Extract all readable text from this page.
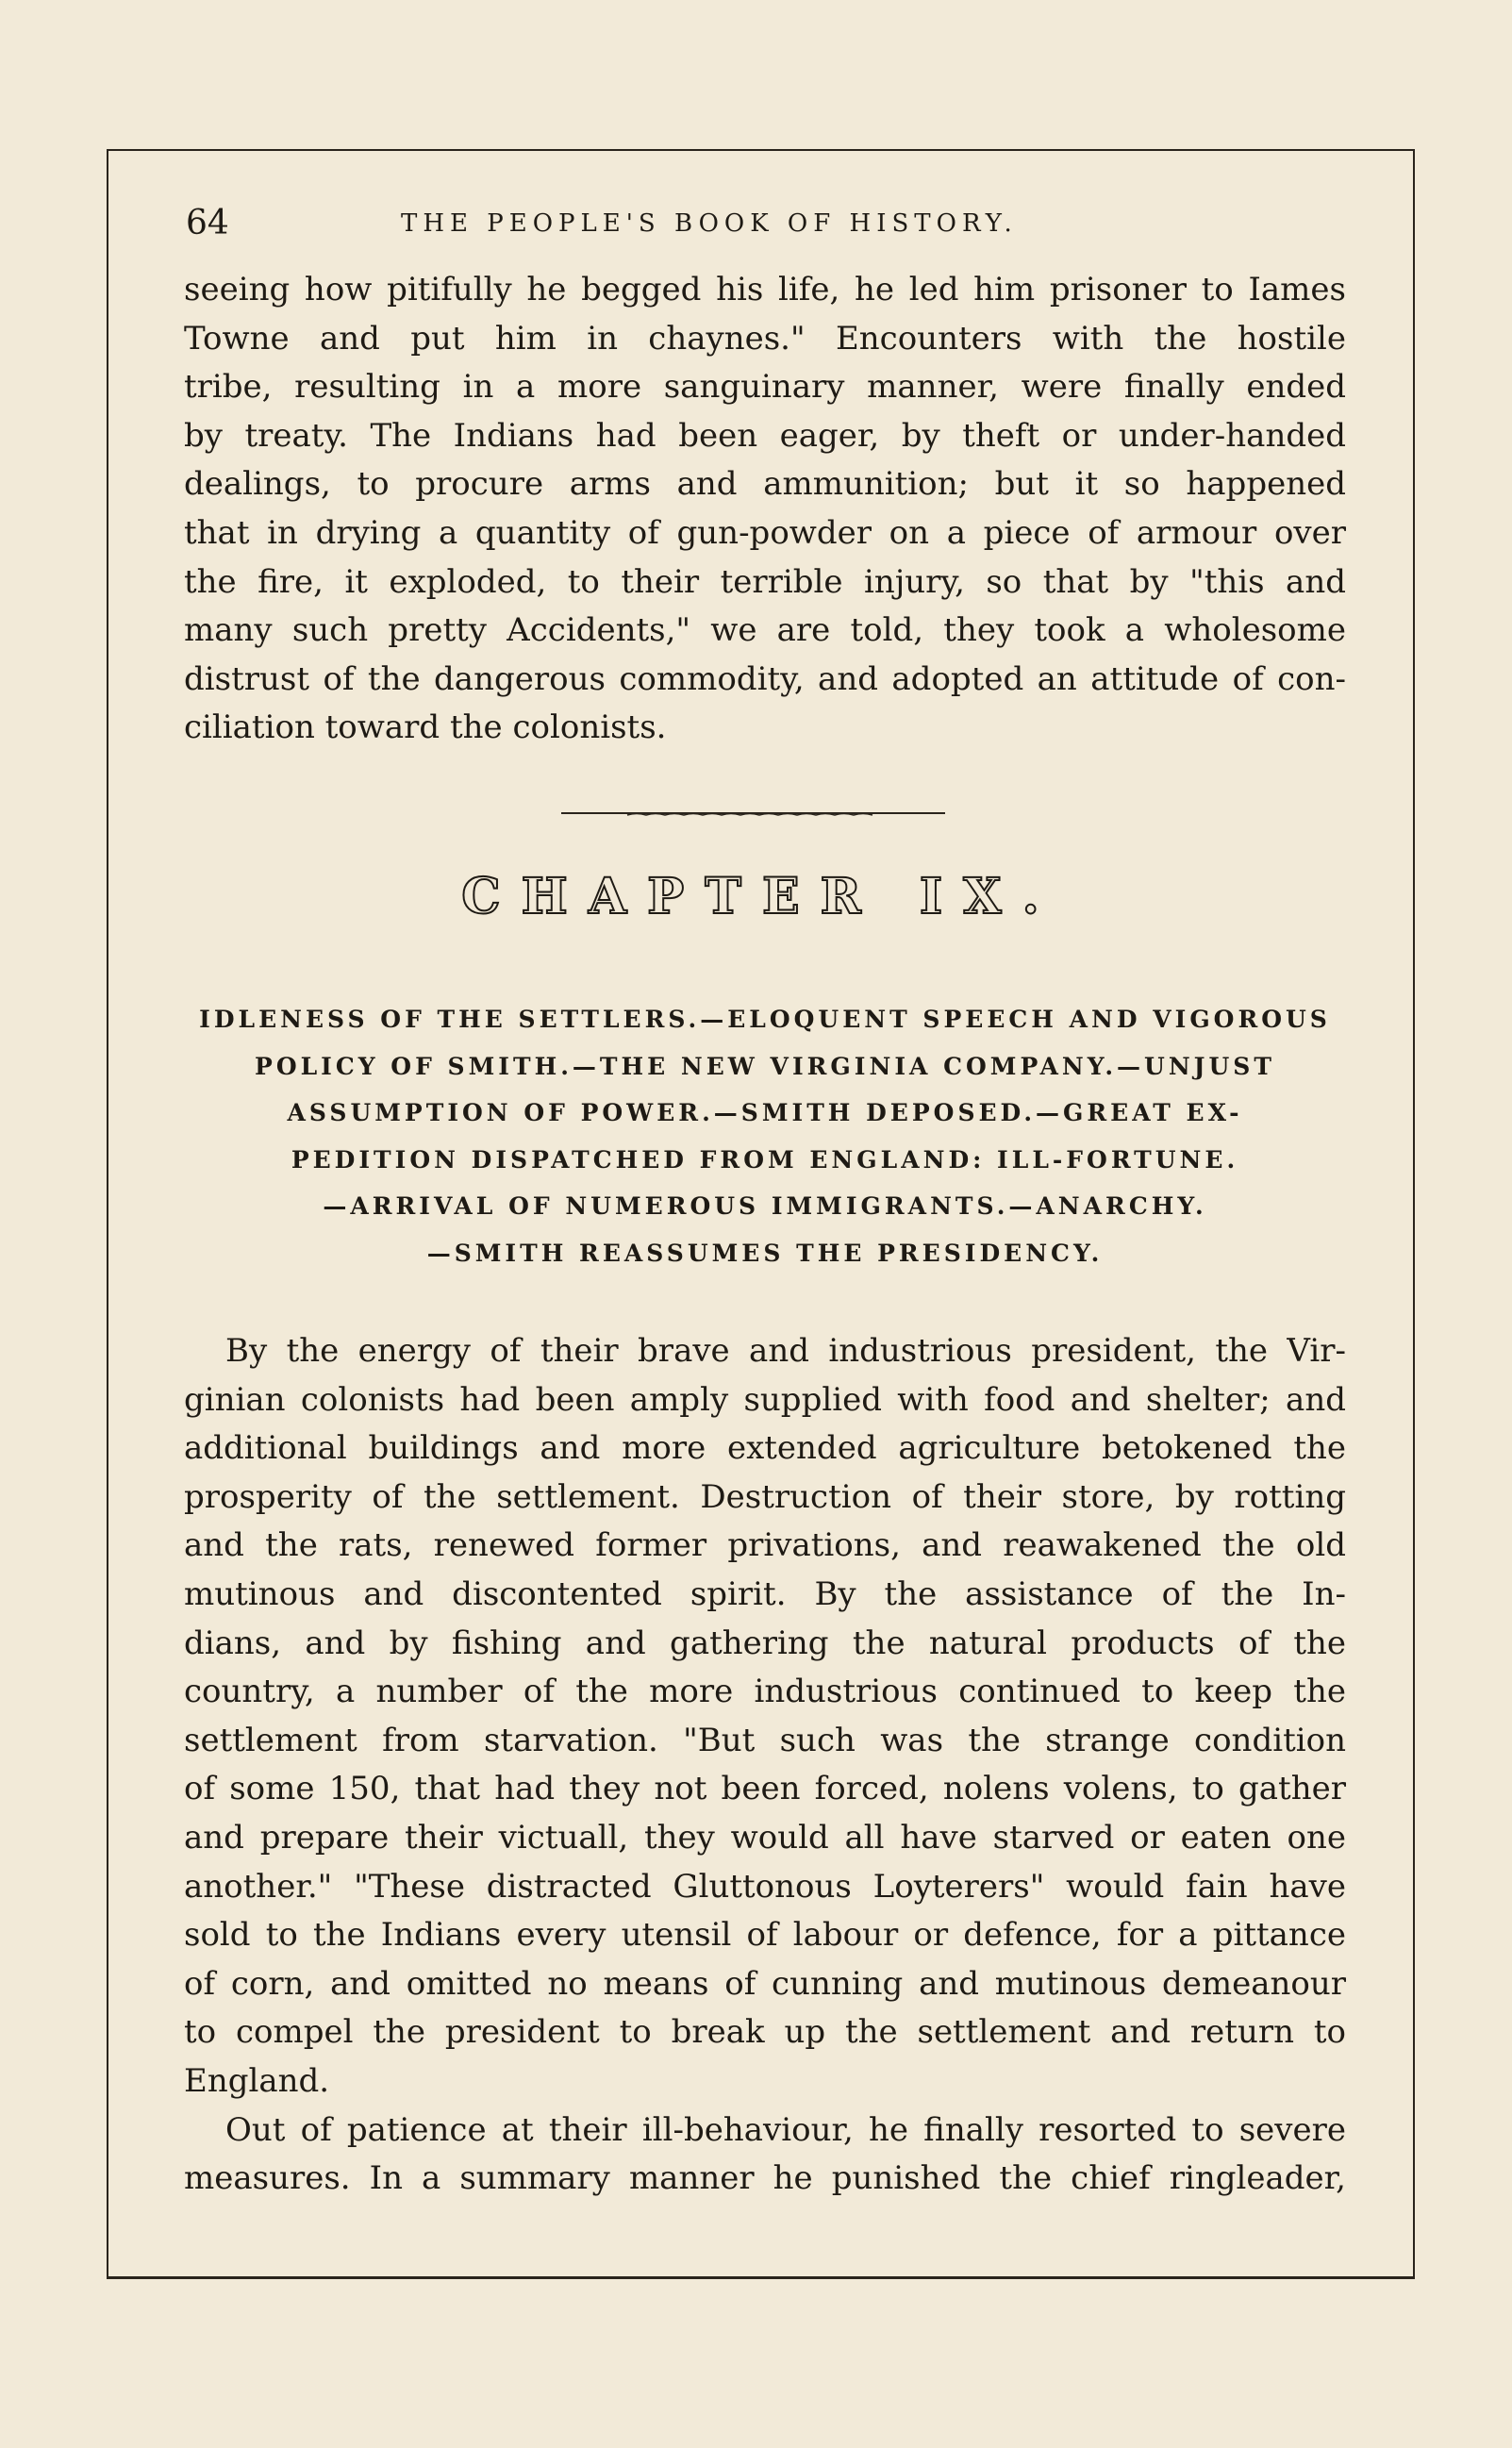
64	THE PEOPLE'S BOOK OF HISTORY.

seeing how pitifully he begged his life, he led him prisoner to Iames
Towne and put him in chaynes." Encounters with the hostile
tribe, resulting in a more sanguinary manner, were finally ended
by treaty. The Indians had been eager, by theft or under-handed
dealings, to procure arms and ammunition; but it so happened
that in drying a quantity of gun-powder on a piece of armour over
the fire, it exploded, to their terrible injury, so that by "this and
many such pretty Accidents," we are told, they took a wholesome
distrust of the dangerous commodity, and adopted an attitude of con-
ciliation toward the colonists.

CHAPTER IX.
IDLENESS OF THE SETTLERS.—ELOQUENT SPEECH AND VIGOROUS
POLICY OF SMITH.—THE NEW VIRGINIA COMPANY.—UNJUST
ASSUMPTION OF POWER.—SMITH DEPOSED.—GREAT EX-
PEDITION DISPATCHED FROM ENGLAND: ILL-FORTUNE.
—ARRIVAL OF NUMEROUS IMMIGRANTS.—ANARCHY.
—SMITH REASSUMES THE PRESIDENCY.

By the energy of their brave and industrious president, the Vir-
ginian colonists had been amply supplied with food and shelter; and
additional buildings and more extended agriculture betokened the
prosperity of the settlement. Destruction of their store, by rotting
and the rats, renewed former privations, and reawakened the old
mutinous and discontented spirit. By the assistance of the In-
dians, and by fishing and gathering the natural products of the
country, a number of the more industrious continued to keep the
settlement from starvation. "But such was the strange condition
of some 150, that had they not been forced, nolens volens, to gather
and prepare their victuall, they would all have starved or eaten one
another." "These distracted Gluttonous Loyterers" would fain have
sold to the Indians every utensil of labour or defence, for a pittance
of corn, and omitted no means of cunning and mutinous demeanour
to compel the president to break up the settlement and return to
England.

Out of patience at their ill-behaviour, he finally resorted to severe
measures. In a summary manner he punished the chief ringleader,
